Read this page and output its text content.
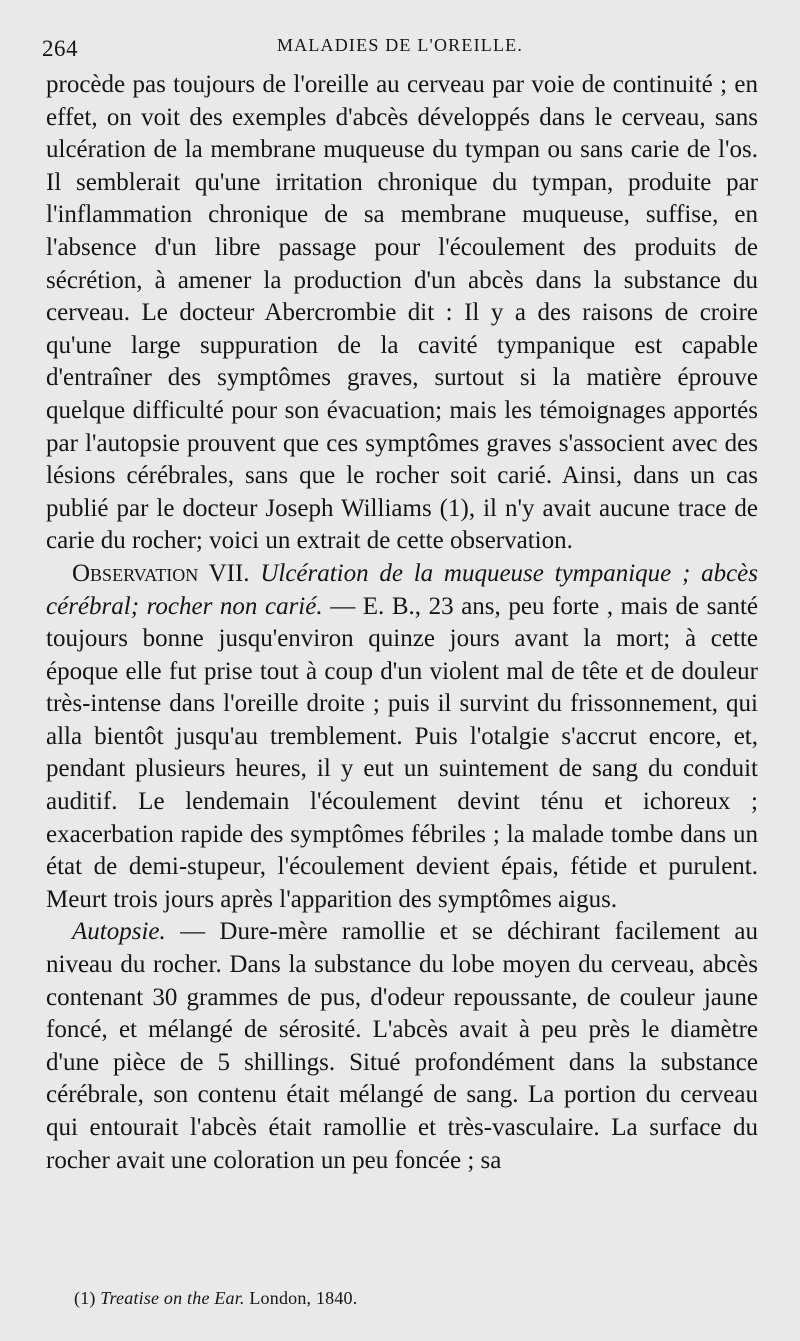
264	MALADIES DE L'OREILLE.

procède pas toujours de l'oreille au cerveau par voie de continuité ; en effet, on voit des exemples d'abcès développés dans le cerveau, sans ulcération de la membrane muqueuse du tympan ou sans carie de l'os. Il semblerait qu'une irritation chronique du tympan, produite par l'inflammation chronique de sa membrane muqueuse, suffise, en l'absence d'un libre passage pour l'écoulement des produits de sécrétion, à amener la production d'un abcès dans la substance du cerveau. Le docteur Abercrombie dit : Il y a des raisons de croire qu'une large suppuration de la cavité tympanique est capable d'entraîner des symptômes graves, surtout si la matière éprouve quelque difficulté pour son évacuation; mais les témoignages apportés par l'autopsie prouvent que ces symptômes graves s'associent avec des lésions cérébrales, sans que le rocher soit carié. Ainsi, dans un cas publié par le docteur Joseph Williams (1), il n'y avait aucune trace de carie du rocher; voici un extrait de cette observation.

Observation VII. Ulcération de la muqueuse tympanique ; abcès cérébral; rocher non carié. — E. B., 23 ans, peu forte , mais de santé toujours bonne jusqu'environ quinze jours avant la mort; à cette époque elle fut prise tout à coup d'un violent mal de tête et de douleur très-intense dans l'oreille droite ; puis il survint du frissonnement, qui alla bientôt jusqu'au tremblement. Puis l'otalgie s'accrut encore, et, pendant plusieurs heures, il y eut un suintement de sang du conduit auditif. Le lendemain l'écoulement devint ténu et ichoreux ; exacerbation rapide des symptômes fébriles ; la malade tombe dans un état de demi-stupeur, l'écoulement devient épais, fétide et purulent. Meurt trois jours après l'apparition des symptômes aigus.

Autopsie. — Dure-mère ramollie et se déchirant facilement au niveau du rocher. Dans la substance du lobe moyen du cerveau, abcès contenant 30 grammes de pus, d'odeur repoussante, de couleur jaune foncé, et mélangé de sérosité. L'abcès avait à peu près le diamètre d'une pièce de 5 shillings. Situé profondément dans la substance cérébrale, son contenu était mélangé de sang. La portion du cerveau qui entourait l'abcès était ramollie et très-vasculaire. La surface du rocher avait une coloration un peu foncée ; sa

(1) Treatise on the Ear. London, 1840.
